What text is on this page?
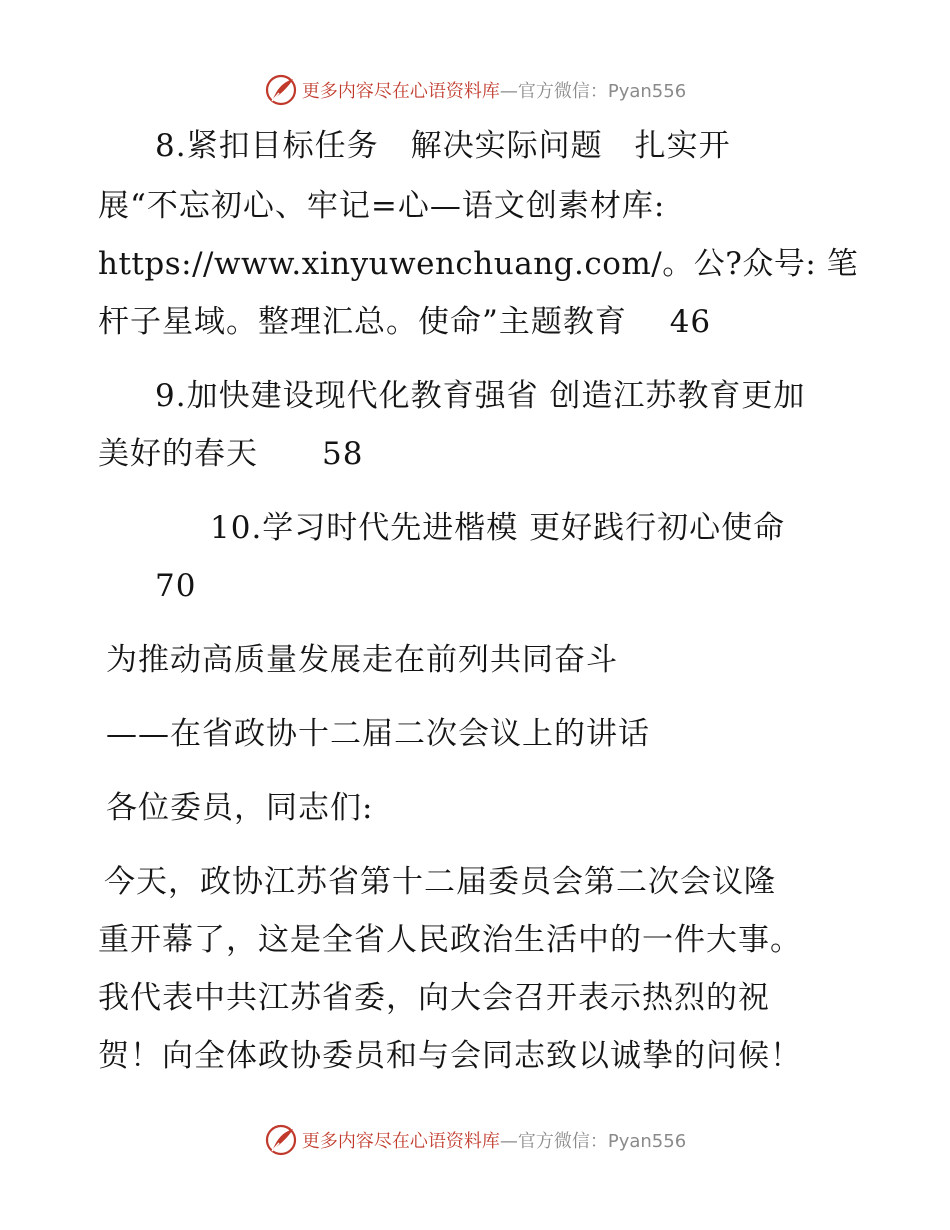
更多内容尽在心语资料库 —官方微信：Pyan556

8.紧扣目标任务　解决实际问题　扎实开

展“不忘初心、牢记=心—语文创素材库:

https://www.xinyuwenchuang.com/。公?众号: 笔

杆子星域。整理汇总。使命”主题教育　 46

9.加快建设现代化教育强省 创造江苏教育更加

美好的春天　　58

10.学习时代先进楷模 更好践行初心使命

70

为推动高质量发展走在前列共同奋斗

——在省政协十二届二次会议上的讲话

各位委员，同志们:

今天，政协江苏省第十二届委员会第二次会议隆

重开幕了，这是全省人民政治生活中的一件大事。

我代表中共江苏省委，向大会召开表示热烈的祝

贺！向全体政协委员和与会同志致以诚挚的问候！

更多内容尽在心语资料库 —官方微信：Pyan556
